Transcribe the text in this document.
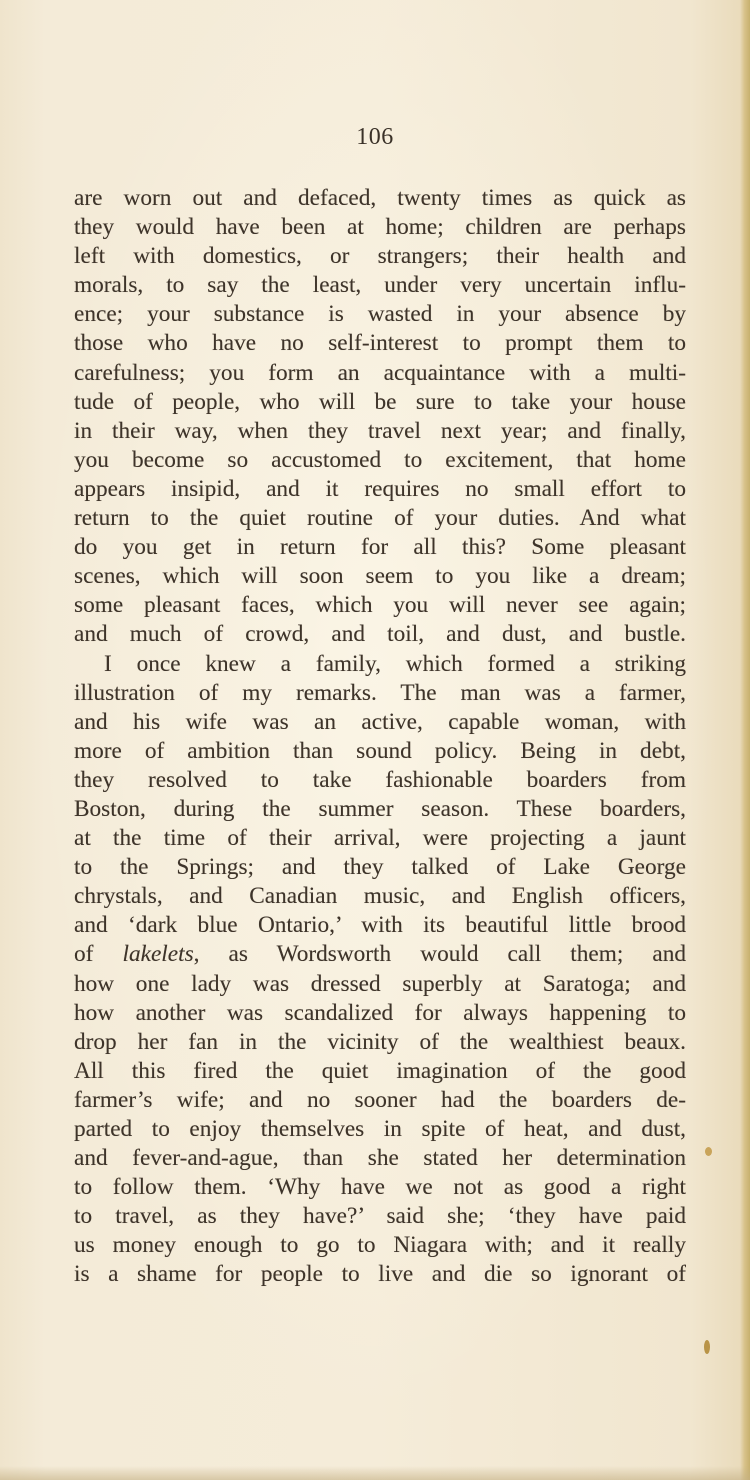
106
are worn out and defaced, twenty times as quick as
they would have been at home; children are perhaps
left with domestics, or strangers; their health and
morals, to say the least, under very uncertain influ-
ence; your substance is wasted in your absence by
those who have no self-interest to prompt them to
carefulness; you form an acquaintance with a multi-
tude of people, who will be sure to take your house
in their way, when they travel next year; and finally,
you become so accustomed to excitement, that home
appears insipid, and it requires no small effort to
return to the quiet routine of your duties. And what
do you get in return for all this? Some pleasant
scenes, which will soon seem to you like a dream;
some pleasant faces, which you will never see again;
and much of crowd, and toil, and dust, and bustle.
I once knew a family, which formed a striking
illustration of my remarks. The man was a farmer,
and his wife was an active, capable woman, with
more of ambition than sound policy. Being in debt,
they resolved to take fashionable boarders from
Boston, during the summer season. These boarders,
at the time of their arrival, were projecting a jaunt
to the Springs; and they talked of Lake George
chrystals, and Canadian music, and English officers,
and ‘dark blue Ontario,’ with its beautiful little brood
of lakelets, as Wordsworth would call them; and
how one lady was dressed superbly at Saratoga; and
how another was scandalized for always happening to
drop her fan in the vicinity of the wealthiest beaux.
All this fired the quiet imagination of the good
farmer’s wife; and no sooner had the boarders de-
parted to enjoy themselves in spite of heat, and dust,
and fever-and-ague, than she stated her determination
to follow them. ‘Why have we not as good a right
to travel, as they have?’ said she; ‘they have paid
us money enough to go to Niagara with; and it really
is a shame for people to live and die so ignorant of
